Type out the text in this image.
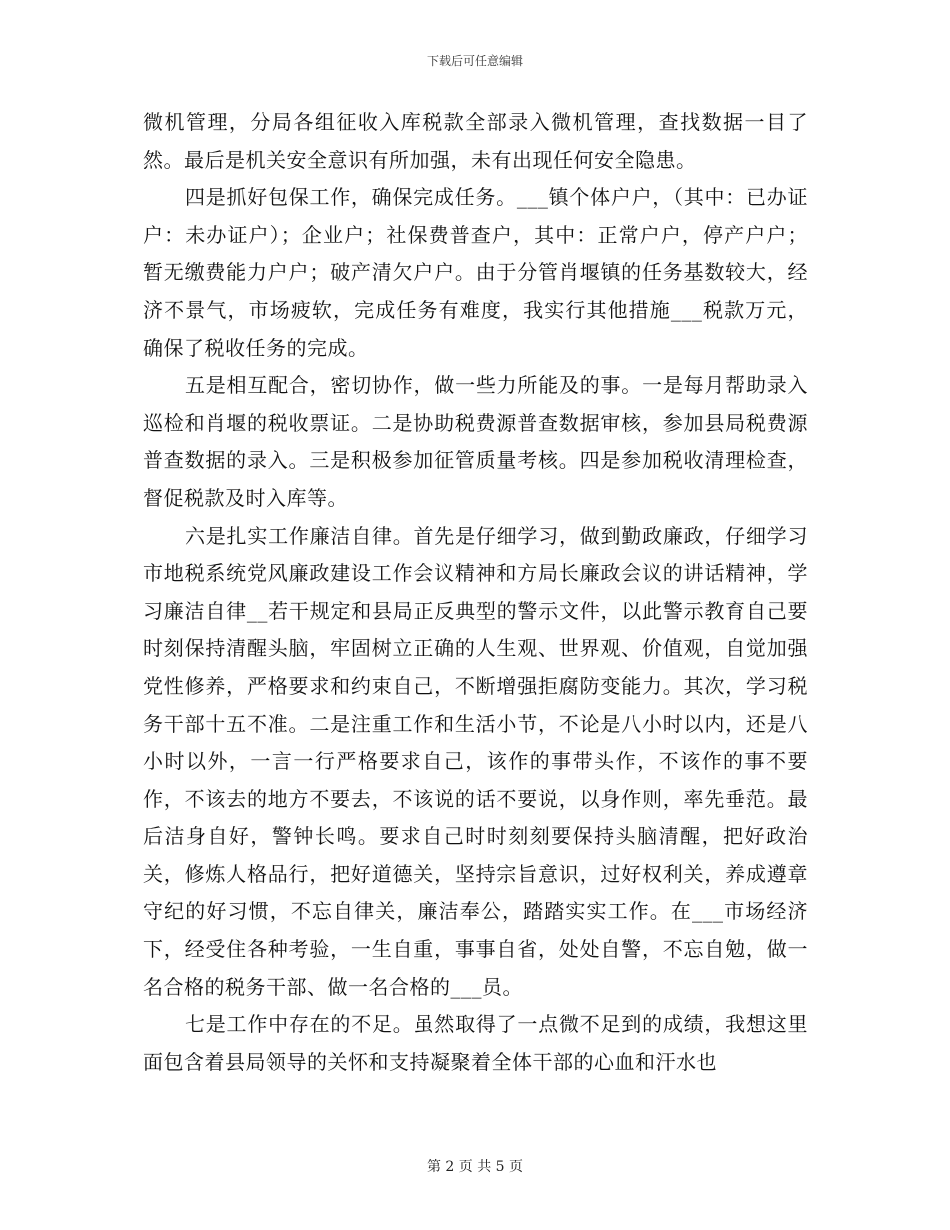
下载后可任意编辑

微机管理，分局各组征收入库税款全部录入微机管理，查找数据一目了然。最后是机关安全意识有所加强，未有出现任何安全隐患。

四是抓好包保工作，确保完成任务。___镇个体户户，（其中：已办证户：未办证户）；企业户；社保费普查户，其中：正常户户，停产户户；暂无缴费能力户户；破产清欠户户。由于分管肖堰镇的任务基数较大，经济不景气，市场疲软，完成任务有难度，我实行其他措施___税款万元，确保了税收任务的完成。

五是相互配合，密切协作，做一些力所能及的事。一是每月帮助录入巡检和肖堰的税收票证。二是协助税费源普查数据审核，参加县局税费源普查数据的录入。三是积极参加征管质量考核。四是参加税收清理检查，督促税款及时入库等。

六是扎实工作廉洁自律。首先是仔细学习，做到勤政廉政，仔细学习市地税系统党风廉政建设工作会议精神和方局长廉政会议的讲话精神，学习廉洁自律__若干规定和县局正反典型的警示文件，以此警示教育自己要时刻保持清醒头脑，牢固树立正确的人生观、世界观、价值观，自觉加强党性修养，严格要求和约束自己，不断增强拒腐防变能力。其次，学习税务干部十五不准。二是注重工作和生活小节，不论是八小时以内，还是八小时以外，一言一行严格要求自己，该作的事带头作，不该作的事不要作，不该去的地方不要去，不该说的话不要说，以身作则，率先垂范。最后洁身自好，警钟长鸣。要求自己时时刻刻要保持头脑清醒，把好政治关，修炼人格品行，把好道德关，坚持宗旨意识，过好权利关，养成遵章守纪的好习惯，不忘自律关，廉洁奉公，踏踏实实工作。在___市场经济下，经受住各种考验，一生自重，事事自省，处处自警，不忘自勉，做一名合格的税务干部、做一名合格的___员。

七是工作中存在的不足。虽然取得了一点微不足到的成绩，我想这里面包含着县局领导的关怀和支持凝聚着全体干部的心血和汗水也

第 2 页 共 5 页
